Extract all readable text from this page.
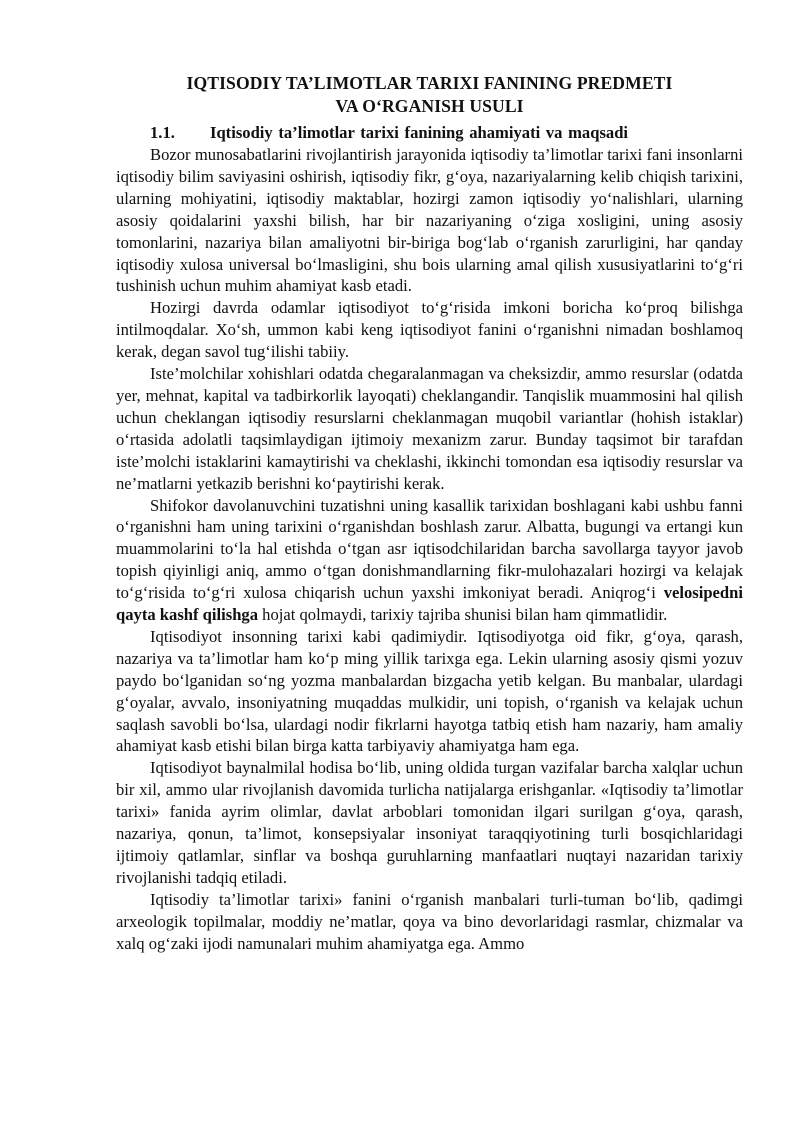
IQTISODIY TA’LIMOTLAR TARIXI FANINING PREDMETI
VA O‘RGANISH USULI
1.1. Iqtisodiy ta’limotlar tarixi fanining ahamiyati va maqsadi

Bozor munosabatlarini rivojlantirish jarayonida iqtisodiy ta’limotlar tarixi fani insonlarni iqtisodiy bilim saviyasini oshirish, iqtisodiy fikr, g‘oya, nazariyalarning kelib chiqish tarixini, ularning mohiyatini, iqtisodiy maktablar, hozirgi zamon iqtisodiy yo‘nalishlari, ularning asosiy qoidalarini yaxshi bilish, har bir nazariyaning o‘ziga xosligini, uning asosiy tomonlarini, nazariya bilan amaliyotni bir-biriga bog‘lab o‘rganish zarurligini, har qanday iqtisodiy xulosa universal bo‘lmasligini, shu bois ularning amal qilish xususiyatlarini to‘g‘ri tushinish uchun muhim ahamiyat kasb etadi.

Hozirgi davrda odamlar iqtisodiyot to‘g‘risida imkoni boricha ko‘proq bilishga intilmoqdalar. Xo‘sh, ummon kabi keng iqtisodiyot fanini o‘rganishni nimadan boshlamoq kerak, degan savol tug‘ilishi tabiiy.

Iste’molchilar xohishlari odatda chegaralanmagan va cheksizdir, ammo resurslar (odatda yer, mehnat, kapital va tadbirkorlik layoqati) cheklangandir. Tanqislik muammosini hal qilish uchun cheklangan iqtisodiy resurslarni cheklanmagan muqobil variantlar (hohish istaklar) o‘rtasida adolatli taqsimlaydigan ijtimoiy mexanizm zarur. Bunday taqsimot bir tarafdan iste’molchi istaklarini kamaytirishi va cheklashi, ikkinchi tomondan esa iqtisodiy resurslar va ne’matlarni yetkazib berishni ko‘paytirishi kerak.

Shifokor davolanuvchini tuzatishni uning kasallik tarixidan boshlagani kabi ushbu fanni o‘rganishni ham uning tarixini o‘rganishdan boshlash zarur. Albatta, bugungi va ertangi kun muammolarini to‘la hal etishda o‘tgan asr iqtisodchilaridan barcha savollarga tayyor javob topish qiyinligi aniq, ammo o‘tgan donishmandlarning fikr-mulohazalari hozirgi va kelajak to‘g‘risida to‘g‘ri xulosa chiqarish uchun yaxshi imkoniyat beradi. Aniqrog‘i velosipedni qayta kashf qilishga hojat qolmaydi, tarixiy tajriba shunisi bilan ham qimmatlidir.

Iqtisodiyot insonning tarixi kabi qadimiydir. Iqtisodiyotga oid fikr, g‘oya, qarash, nazariya va ta’limotlar ham ko‘p ming yillik tarixga ega. Lekin ularning asosiy qismi yozuv paydo bo‘lganidan so‘ng yozma manbalardan bizgacha yetib kelgan. Bu manbalar, ulardagi g‘oyalar, avvalo, insoniyatning muqaddas mulkidir, uni topish, o‘rganish va kelajak uchun saqlash savobli bo‘lsa, ulardagi nodir fikrlarni hayotga tatbiq etish ham nazariy, ham amaliy ahamiyat kasb etishi bilan birga katta tarbiyaviy ahamiyatga ham ega.

Iqtisodiyot baynalmilal hodisa bo‘lib, uning oldida turgan vazifalar barcha xalqlar uchun bir xil, ammo ular rivojlanish davomida turlicha natijalarga erishganlar. «Iqtisodiy ta’limotlar tarixi» fanida ayrim olimlar, davlat arboblari tomonidan ilgari surilgan g‘oya, qarash, nazariya, qonun, ta’limot, konsepsiyalar insoniyat taraqqiyotining turli bosqichlaridagi ijtimoiy qatlamlar, sinflar va boshqa guruhlarning manfaatlari nuqtayi nazaridan tarixiy rivojlanishi tadqiq etiladi.

Iqtisodiy ta’limotlar tarixi» fanini o‘rganish manbalari turli-tuman bo‘lib, qadimgi arxeologik topilmalar, moddiy ne’matlar, qoya va bino devorlaridagi rasmlar, chizmalar va xalq og‘zaki ijodi namunalari muhim ahamiyatga ega. Ammo
